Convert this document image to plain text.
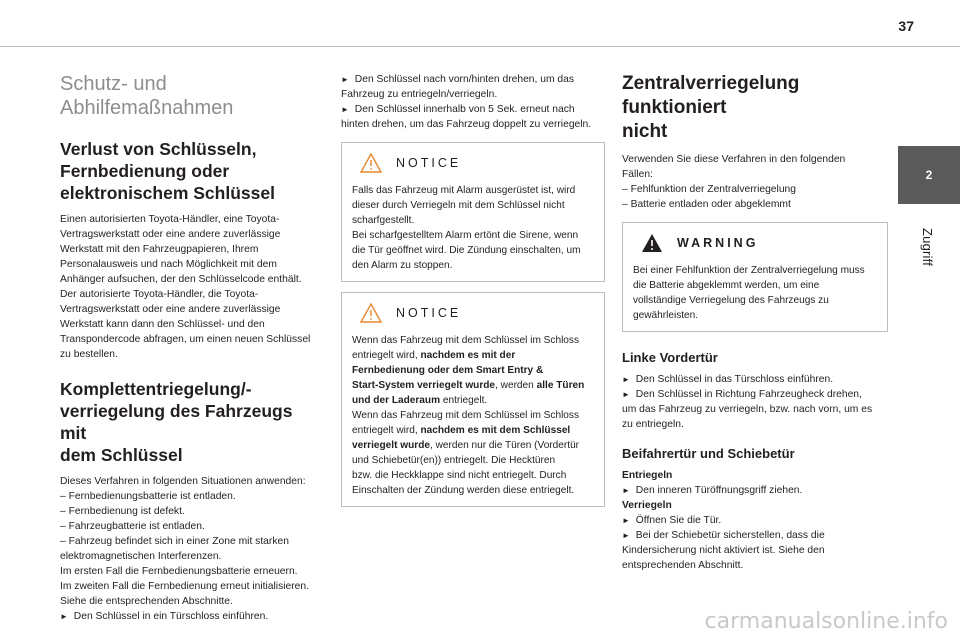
37
2
Zugriff
Schutz- und
Abhilfemaßnahmen
Verlust von Schlüsseln,
Fernbedienung oder
elektronischem Schlüssel

Einen autorisierten Toyota-Händler, eine Toyota-
Vertragswerkstatt oder eine andere zuverlässige
Werkstatt mit den Fahrzeugpapieren, Ihrem
Personalausweis und nach Möglichkeit mit dem
Anhänger aufsuchen, der den Schlüsselcode enthält.
Der autorisierte Toyota-Händler, die Toyota-
Vertragswerkstatt oder eine andere zuverlässige
Werkstatt kann dann den Schlüssel- und den
Transpondercode abfragen, um einen neuen Schlüssel
zu bestellen.

Komplettentriegelung/-
verriegelung des Fahrzeugs mit
dem Schlüssel

Dieses Verfahren in folgenden Situationen anwenden:
– Fernbedienungsbatterie ist entladen.
– Fernbedienung ist defekt.
– Fahrzeugbatterie ist entladen.
– Fahrzeug befindet sich in einer Zone mit starken
elektromagnetischen Interferenzen.
Im ersten Fall die Fernbedienungsbatterie erneuern.
Im zweiten Fall die Fernbedienung erneut initialisieren.
Siehe die entsprechenden Abschnitte.
► Den Schlüssel in ein Türschloss einführen.

► Den Schlüssel nach vorn/hinten drehen, um das
Fahrzeug zu entriegeln/verriegeln.
► Den Schlüssel innerhalb von 5 Sek. erneut nach
hinten drehen, um das Fahrzeug doppelt zu verriegeln.

NOTICE

Falls das Fahrzeug mit Alarm ausgerüstet ist, wird
dieser durch Verriegeln mit dem Schlüssel nicht
scharfgestellt.
Bei scharfgestelltem Alarm ertönt die Sirene, wenn
die Tür geöffnet wird. Die Zündung einschalten, um
den Alarm zu stoppen.

NOTICE

Wenn das Fahrzeug mit dem Schlüssel im Schloss
entriegelt wird, nachdem es mit der
Fernbedienung oder dem Smart Entry &
Start-System verriegelt wurde, werden alle Türen
und der Laderaum entriegelt.
Wenn das Fahrzeug mit dem Schlüssel im Schloss
entriegelt wird, nachdem es mit dem Schlüssel
verriegelt wurde, werden nur die Türen (Vordertür
und Schiebetür(en)) entriegelt. Die Hecktüren
bzw. die Heckklappe sind nicht entriegelt. Durch
Einschalten der Zündung werden diese entriegelt.

Zentralverriegelung funktioniert
nicht

Verwenden Sie diese Verfahren in den folgenden
Fällen:
– Fehlfunktion der Zentralverriegelung
– Batterie entladen oder abgeklemmt

WARNING

Bei einer Fehlfunktion der Zentralverriegelung muss
die Batterie abgeklemmt werden, um eine
vollständige Verriegelung des Fahrzeugs zu
gewährleisten.

Linke Vordertür

► Den Schlüssel in das Türschloss einführen.
► Den Schlüssel in Richtung Fahrzeugheck drehen,
um das Fahrzeug zu verriegeln, bzw. nach vorn, um es
zu entriegeln.

Beifahrertür und Schiebetür

Entriegeln
► Den inneren Türöffnungsgriff ziehen.
Verriegeln
► Öffnen Sie die Tür.
► Bei der Schiebetür sicherstellen, dass die
Kindersicherung nicht aktiviert ist. Siehe den
entsprechenden Abschnitt.

carmanualsonline.info
